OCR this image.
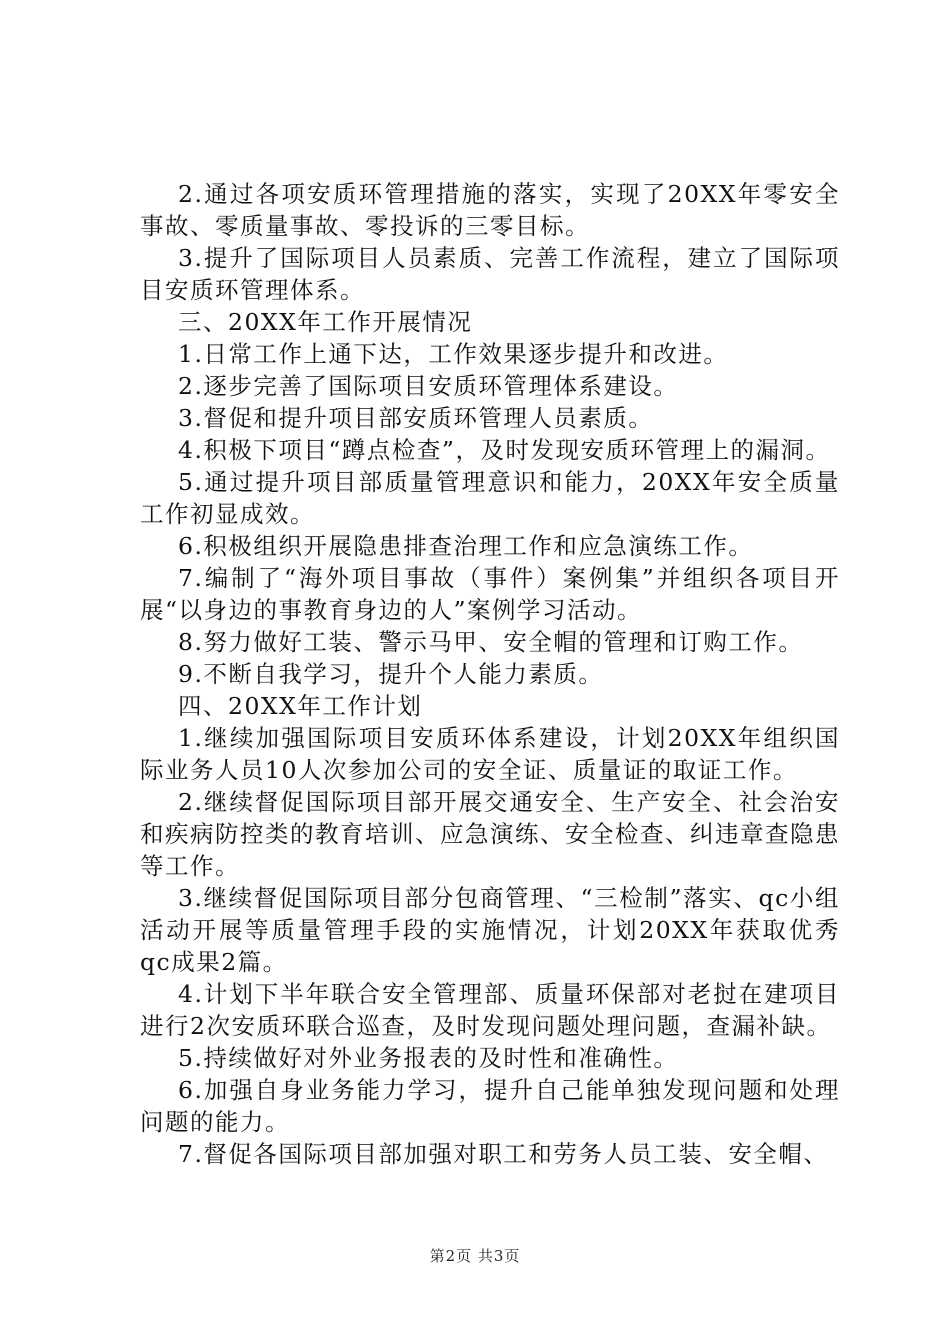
2.通过各项安质环管理措施的落实，实现了20XX年零安全事故、零质量事故、零投诉的三零目标。

3.提升了国际项目人员素质、完善工作流程，建立了国际项目安质环管理体系。

三、20XX年工作开展情况

1.日常工作上通下达，工作效果逐步提升和改进。

2.逐步完善了国际项目安质环管理体系建设。

3.督促和提升项目部安质环管理人员素质。

4.积极下项目“蹲点检查”，及时发现安质环管理上的漏洞。

5.通过提升项目部质量管理意识和能力，20XX年安全质量工作初显成效。

6.积极组织开展隐患排查治理工作和应急演练工作。

7.编制了“海外项目事故（事件）案例集”并组织各项目开展“以身边的事教育身边的人”案例学习活动。

8.努力做好工装、警示马甲、安全帽的管理和订购工作。

9.不断自我学习，提升个人能力素质。

四、20XX年工作计划

1.继续加强国际项目安质环体系建设，计划20XX年组织国际业务人员10人次参加公司的安全证、质量证的取证工作。

2.继续督促国际项目部开展交通安全、生产安全、社会治安和疾病防控类的教育培训、应急演练、安全检查、纠违章查隐患等工作。

3.继续督促国际项目部分包商管理、“三检制”落实、qc小组活动开展等质量管理手段的实施情况，计划20XX年获取优秀qc成果2篇。

4.计划下半年联合安全管理部、质量环保部对老挝在建项目进行2次安质环联合巡查，及时发现问题处理问题，查漏补缺。

5.持续做好对外业务报表的及时性和准确性。

6.加强自身业务能力学习，提升自己能单独发现问题和处理问题的能力。

7.督促各国际项目部加强对职工和劳务人员工装、安全帽、

第2页 共3页
